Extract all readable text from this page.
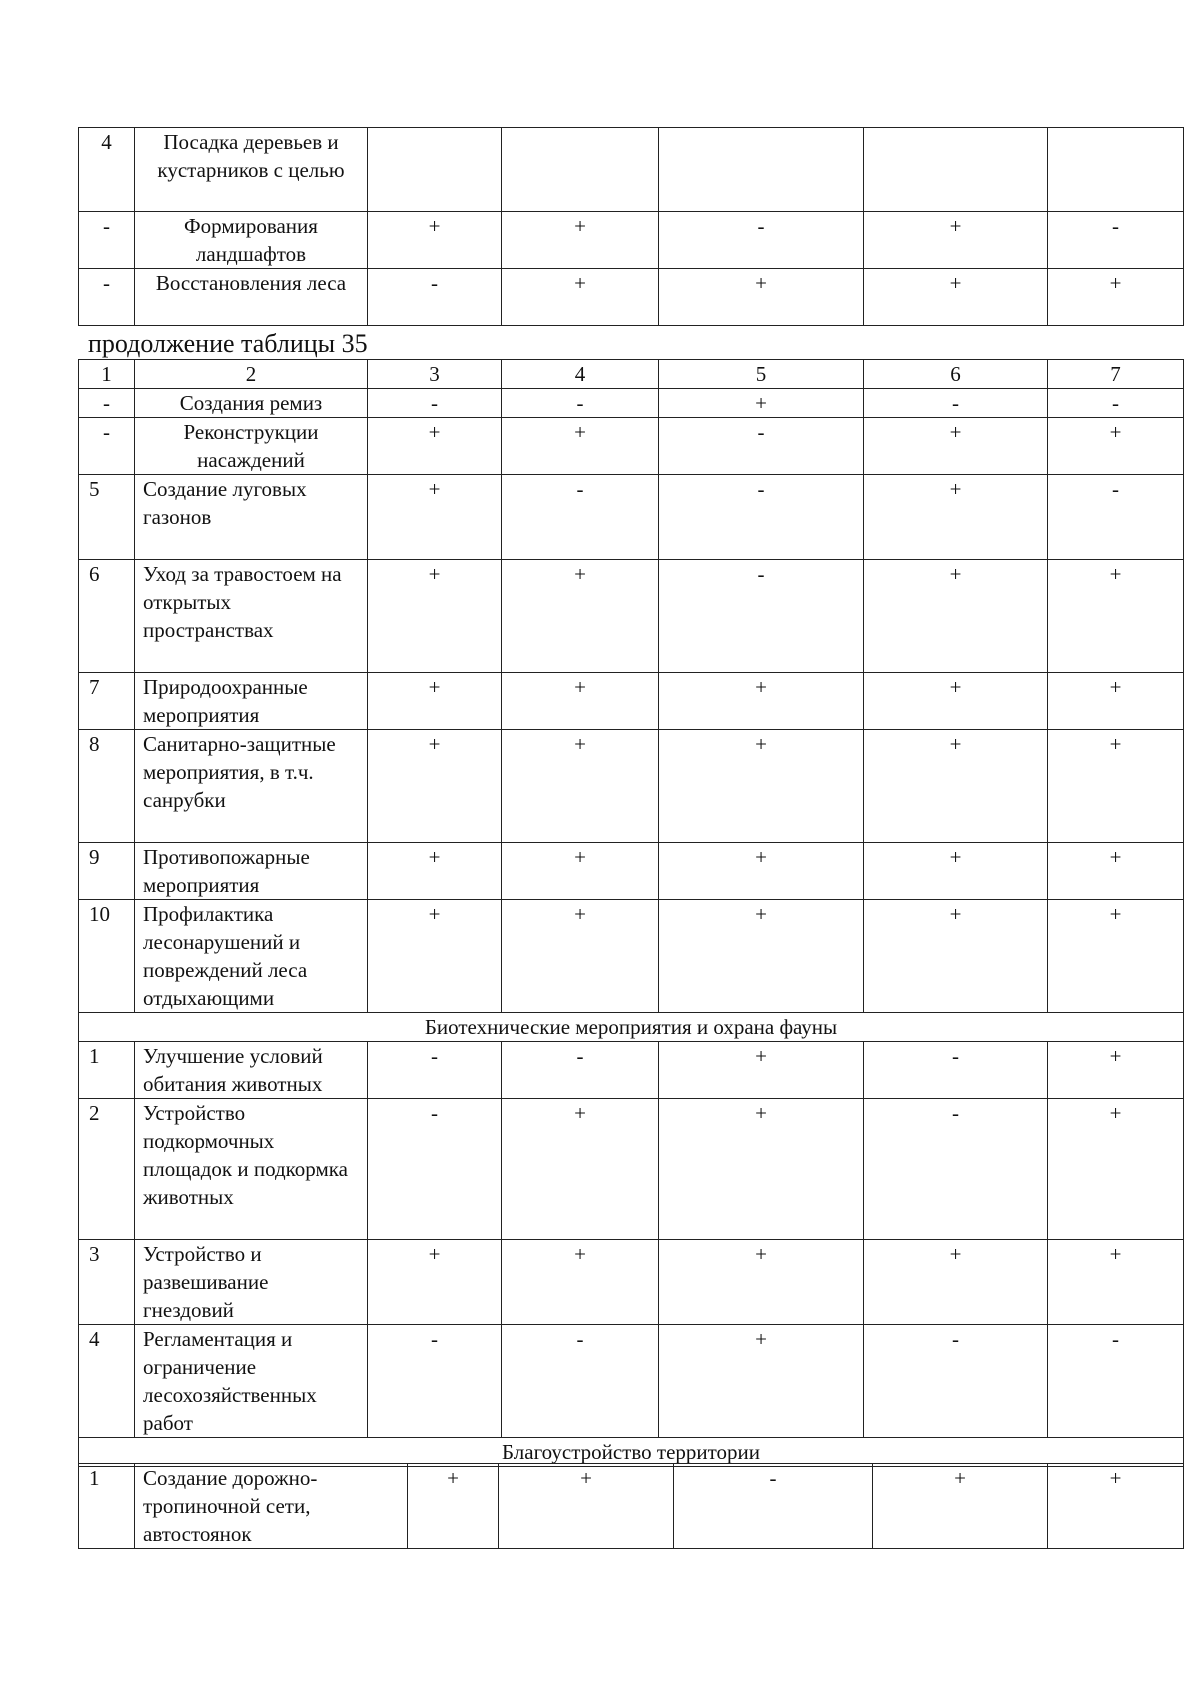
4	Посадка деревьев и кустарников с целью					
-	Формирования ландшафтов	+	+	-	+	-
-	Восстановления леса	-	+	+	+	+
продолжение таблицы 35
1	2	3	4	5	6	7
-	Создания ремиз	-	-	+	-	-
-	Реконструкции насаждений	+	+	-	+	+
5	Создание луговых газонов	+	-	-	+	-
6	Уход за травостоем на открытых пространствах	+	+	-	+	+
7	Природоохранные мероприятия	+	+	+	+	+
8	Санитарно-защитные мероприятия, в т.ч. санрубки	+	+	+	+	+
9	Противопожарные мероприятия	+	+	+	+	+
10	Профилактика лесонарушений и повреждений леса отдыхающими	+	+	+	+	+
Биотехнические мероприятия и охрана фауны						
1	Улучшение условий обитания животных	-	-	+	-	+
2	Устройство подкормочных площадок и подкормка животных	-	+	+	-	+
3	Устройство и развешивание гнездовий	+	+	+	+	+
4	Регламентация и ограничение лесохозяйственных работ	-	-	+	-	-
Благоустройство территории						
1	Создание дорожно-тропиночной сети, автостоянок	+	+	-	+	+
